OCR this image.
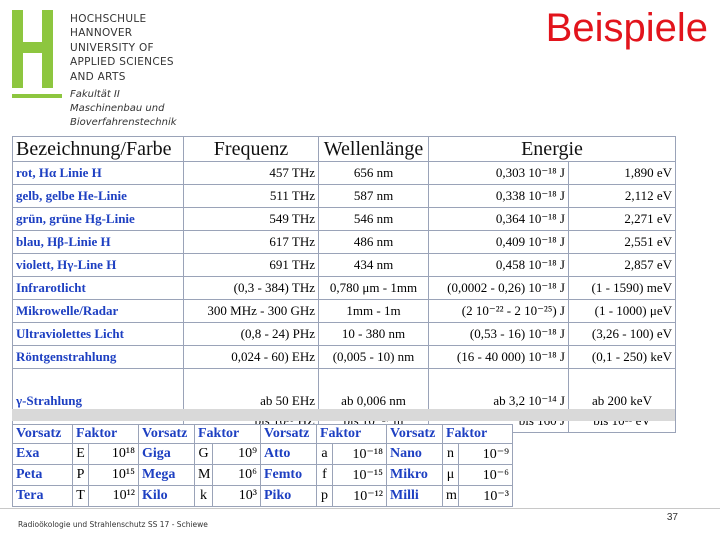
HOCHSCHULE
HANNOVER
UNIVERSITY OF
APPLIED SCIENCES
AND ARTS
Fakultät II
Maschinenbau und
Bioverfahrenstechnik
Beispiele
Bezeichnung/Farbe	Frequenz	Wellenlänge	Energie	
rot, Hα Linie H	457 THz	656 nm	0,303 10⁻¹⁸ J	1,890 eV
gelb, gelbe He-Linie	511 THz	587 nm	0,338 10⁻¹⁸ J	2,112 eV
grün, grüne Hg-Linie	549 THz	546 nm	0,364 10⁻¹⁸ J	2,271 eV
blau, Hβ-Linie H	617 THz	486 nm	0,409 10⁻¹⁸ J	2,551 eV
violett, Hγ-Line H	691 THz	434 nm	0,458 10⁻¹⁸ J	2,857 eV
Infrarotlicht	(0,3 - 384) THz	0,780 μm - 1mm	(0,0002 - 0,26) 10⁻¹⁸ J	(1 - 1590) meV
Mikrowelle/Radar	300 MHz - 300 GHz	1mm - 1m	(2 10⁻²² - 2 10⁻²⁵) J	(1 - 1000) μeV
Ultraviolettes Licht	(0,8 - 24) PHz	10 - 380 nm	(0,53 - 16) 10⁻¹⁸ J	(3,26 - 100) eV
Röntgenstrahlung	0,024 - 60) EHz	(0,005 - 10) nm	(16 - 40 000) 10⁻¹⁸ J	(0,1 - 250) keV
γ-Strahlung	ab 50 EHz	ab 0,006 nm	ab 3,2 10⁻¹⁴ J	ab 200 keV

Vorsatz	Faktor		Vorsatz	Faktor		Vorsatz	Faktor		Vorsatz	Faktor	
Exa	E	10¹⁸	Giga	G	10⁹	Atto	a	10⁻¹⁸	Nano	n	10⁻⁹
Peta	P	10¹⁵	Mega	M	10⁶	Femto	f	10⁻¹⁵	Mikro	μ	10⁻⁶
Tera	T	10¹²	Kilo	k	10³	Piko	p	10⁻¹²	Milli	m	10⁻³
Radioökologie und Strahlenschutz SS 17 - Schiewe
37
